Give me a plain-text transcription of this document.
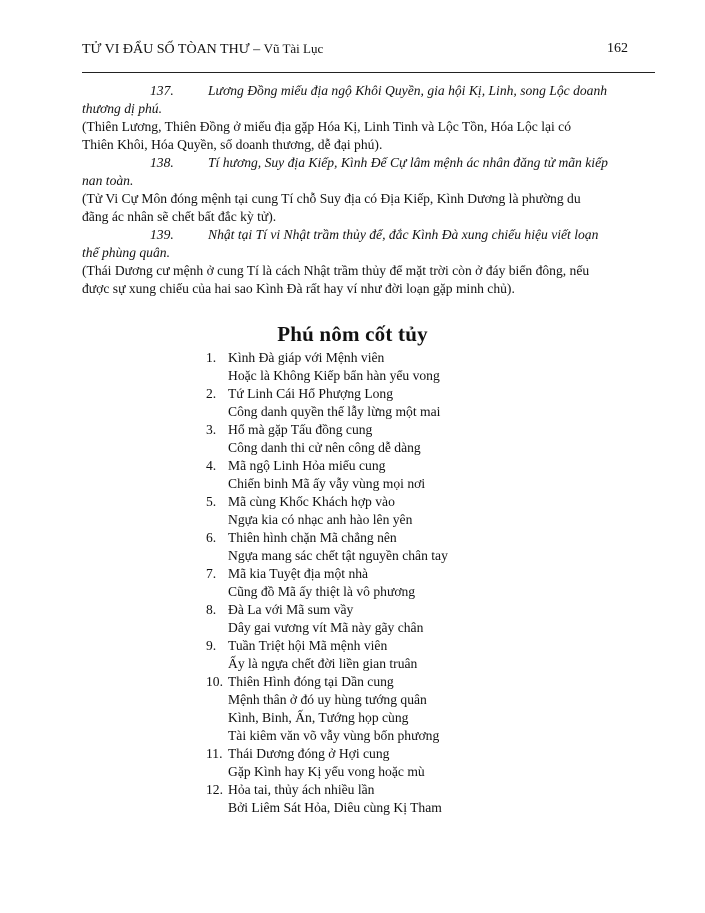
TỬ VI ĐẨU SỐ TÒAN THƯ – Vũ Tài Lục	162
137.	Lương Đồng miếu địa ngộ Khôi Quyền, gia hội Kị, Linh, song Lộc doanh
thương dị phú.
(Thiên Lương, Thiên Đồng ở miếu địa gặp Hóa Kị, Linh Tinh và Lộc Tồn, Hóa Lộc lại có
Thiên Khôi, Hóa Quyền, số doanh thương, dễ đại phú).
138.	Tí hương, Suy địa Kiếp, Kình Đế Cự lâm mệnh ác nhân đăng tử mãn kiếp
nan toàn.
(Tử Vi Cự Môn đóng mệnh tại cung Tí chỗ Suy địa có Địa Kiếp, Kình Dương là phường du
đãng ác nhân sẽ chết bất đắc kỳ tử).
139.	Nhật tại Tí vi Nhật trầm thủy để, đắc Kình Đà xung chiếu hiệu viết loạn
thế phùng quân.
(Thái Dương cư mệnh ở cung Tí là cách Nhật trầm thủy để mặt trời còn ở đáy biển đông, nếu
được sự xung chiếu của hai sao Kình Đà rất hay ví như đời loạn gặp minh chủ).
Phú nôm cốt tủy
1. Kình Đà giáp với Mệnh viên
Hoặc là Không Kiếp bẩn hàn yểu vong
2. Tứ Linh Cái Hổ Phượng Long
Công danh quyền thế lẫy lừng một mai
3. Hổ mà gặp Tấu đồng cung
Công danh thi cử nên công dễ dàng
4. Mã ngộ Linh Hỏa miếu cung
Chiến binh Mã ấy vẫy vùng mọi nơi
5. Mã cùng Khốc Khách hợp vào
Ngựa kia có nhạc anh hào lên yên
6. Thiên hình chặn Mã chẳng nên
Ngựa mang sác chết tật nguyền chân tay
7. Mã kia Tuyệt địa một nhà
Cũng đồ Mã ấy thiệt là vô phương
8. Đà La với Mã sum vầy
Dây gai vương vít Mã này gãy chân
9. Tuần Triệt hội Mã mệnh viên
Ấy là ngựa chết đời liền gian truân
10. Thiên Hình đóng tại Dần cung
Mệnh thân ở đó uy hùng tướng quân
Kình, Binh, Ấn, Tướng họp cùng
Tài kiêm văn võ vẫy vùng bốn phương
11. Thái Dương đóng ở Hợi cung
Gặp Kình hay Kị yểu vong hoặc mù
12. Hỏa tai, thủy ách nhiều lần
Bởi Liêm Sát Hỏa, Diêu cùng Kị Tham
